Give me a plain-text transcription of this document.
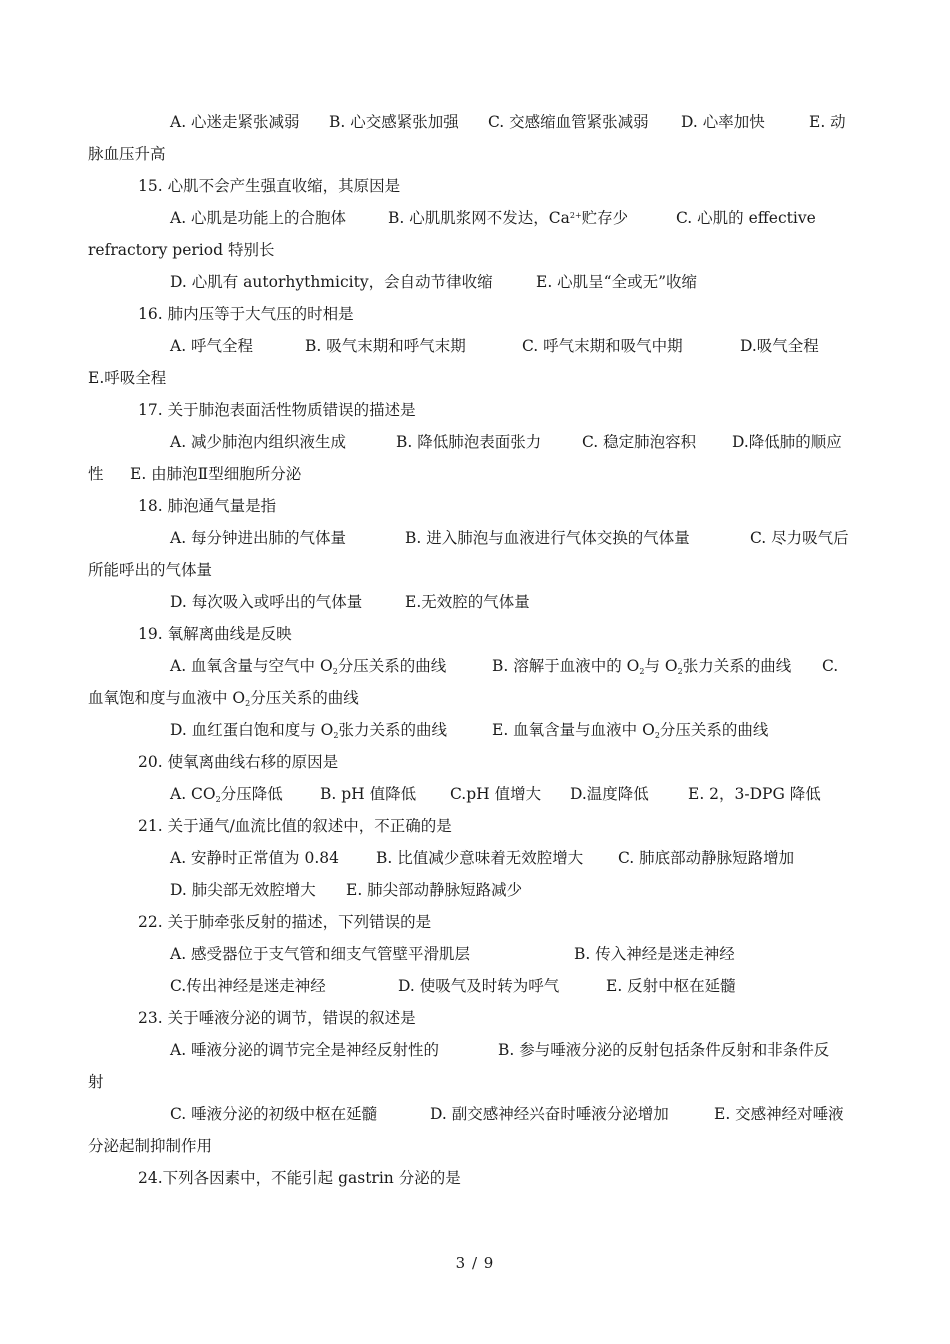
A. 心迷走紧张减弱 B. 心交感紧张加强 C. 交感缩血管紧张减弱 D. 心率加快	E. 动
脉血压升高
15. 心肌不会产生强直收缩，其原因是
A. 心肌是功能上的合胞体	B. 心肌肌浆网不发达，$Ca^{2+}$贮存少	C. 心肌的 effective
refractory period 特别长
D. 心肌有 autorhythmicity，会自动节律收缩	E. 心肌呈“全或无”收缩
16. 肺内压等于大气压的时相是
A. 呼气全程	B. 吸气末期和呼气末期	C. 呼气末期和吸气中期	D.吸气全程
E.呼吸全程
17. 关于肺泡表面活性物质错误的描述是
A. 减少肺泡内组织液生成	B. 降低肺泡表面张力	C. 稳定肺泡容积 D.降低肺的顺应
性 E. 由肺泡Ⅱ型细胞所分泌
18. 肺泡通气量是指
A. 每分钟进出肺的气体量	B. 进入肺泡与血液进行气体交换的气体量	C. 尽力吸气后
所能呼出的气体量
D. 每次吸入或呼出的气体量	E.无效腔的气体量
19. 氧解离曲线是反映
A. 血氧含量与空气中 $O_2$分压关系的曲线	B. 溶解于血液中的 $O_2$与 $O_2$张力关系的曲线 C.
血氧饱和度与血液中 $O_2$分压关系的曲线
D. 血红蛋白饱和度与 $O_2$张力关系的曲线	E. 血氧含量与血液中 $O_2$分压关系的曲线
20. 使氧离曲线右移的原因是
A. $CO_2$分压降低 B. pH 值降低 C.pH 值增大 D.温度降低	E. 2，3-DPG 降低
21. 关于通气/血流比值的叙述中，不正确的是
A. 安静时正常值为 0.84 B. 比值减少意味着无效腔增大 C. 肺底部动静脉短路增加
D. 肺尖部无效腔增大 E. 肺尖部动静脉短路减少
22. 关于肺牵张反射的描述，下列错误的是
A. 感受器位于支气管和细支气管壁平滑肌层	B. 传入神经是迷走神经
C.传出神经是迷走神经	D. 使吸气及时转为呼气	E. 反射中枢在延髓
23. 关于唾液分泌的调节，错误的叙述是
A. 唾液分泌的调节完全是神经反射性的	B. 参与唾液分泌的反射包括条件反射和非条件反
射
C. 唾液分泌的初级中枢在延髓	D. 副交感神经兴奋时唾液分泌增加	E. 交感神经对唾液
分泌起制抑制作用
24.下列各因素中，不能引起 gastrin 分泌的是
3 / 9
